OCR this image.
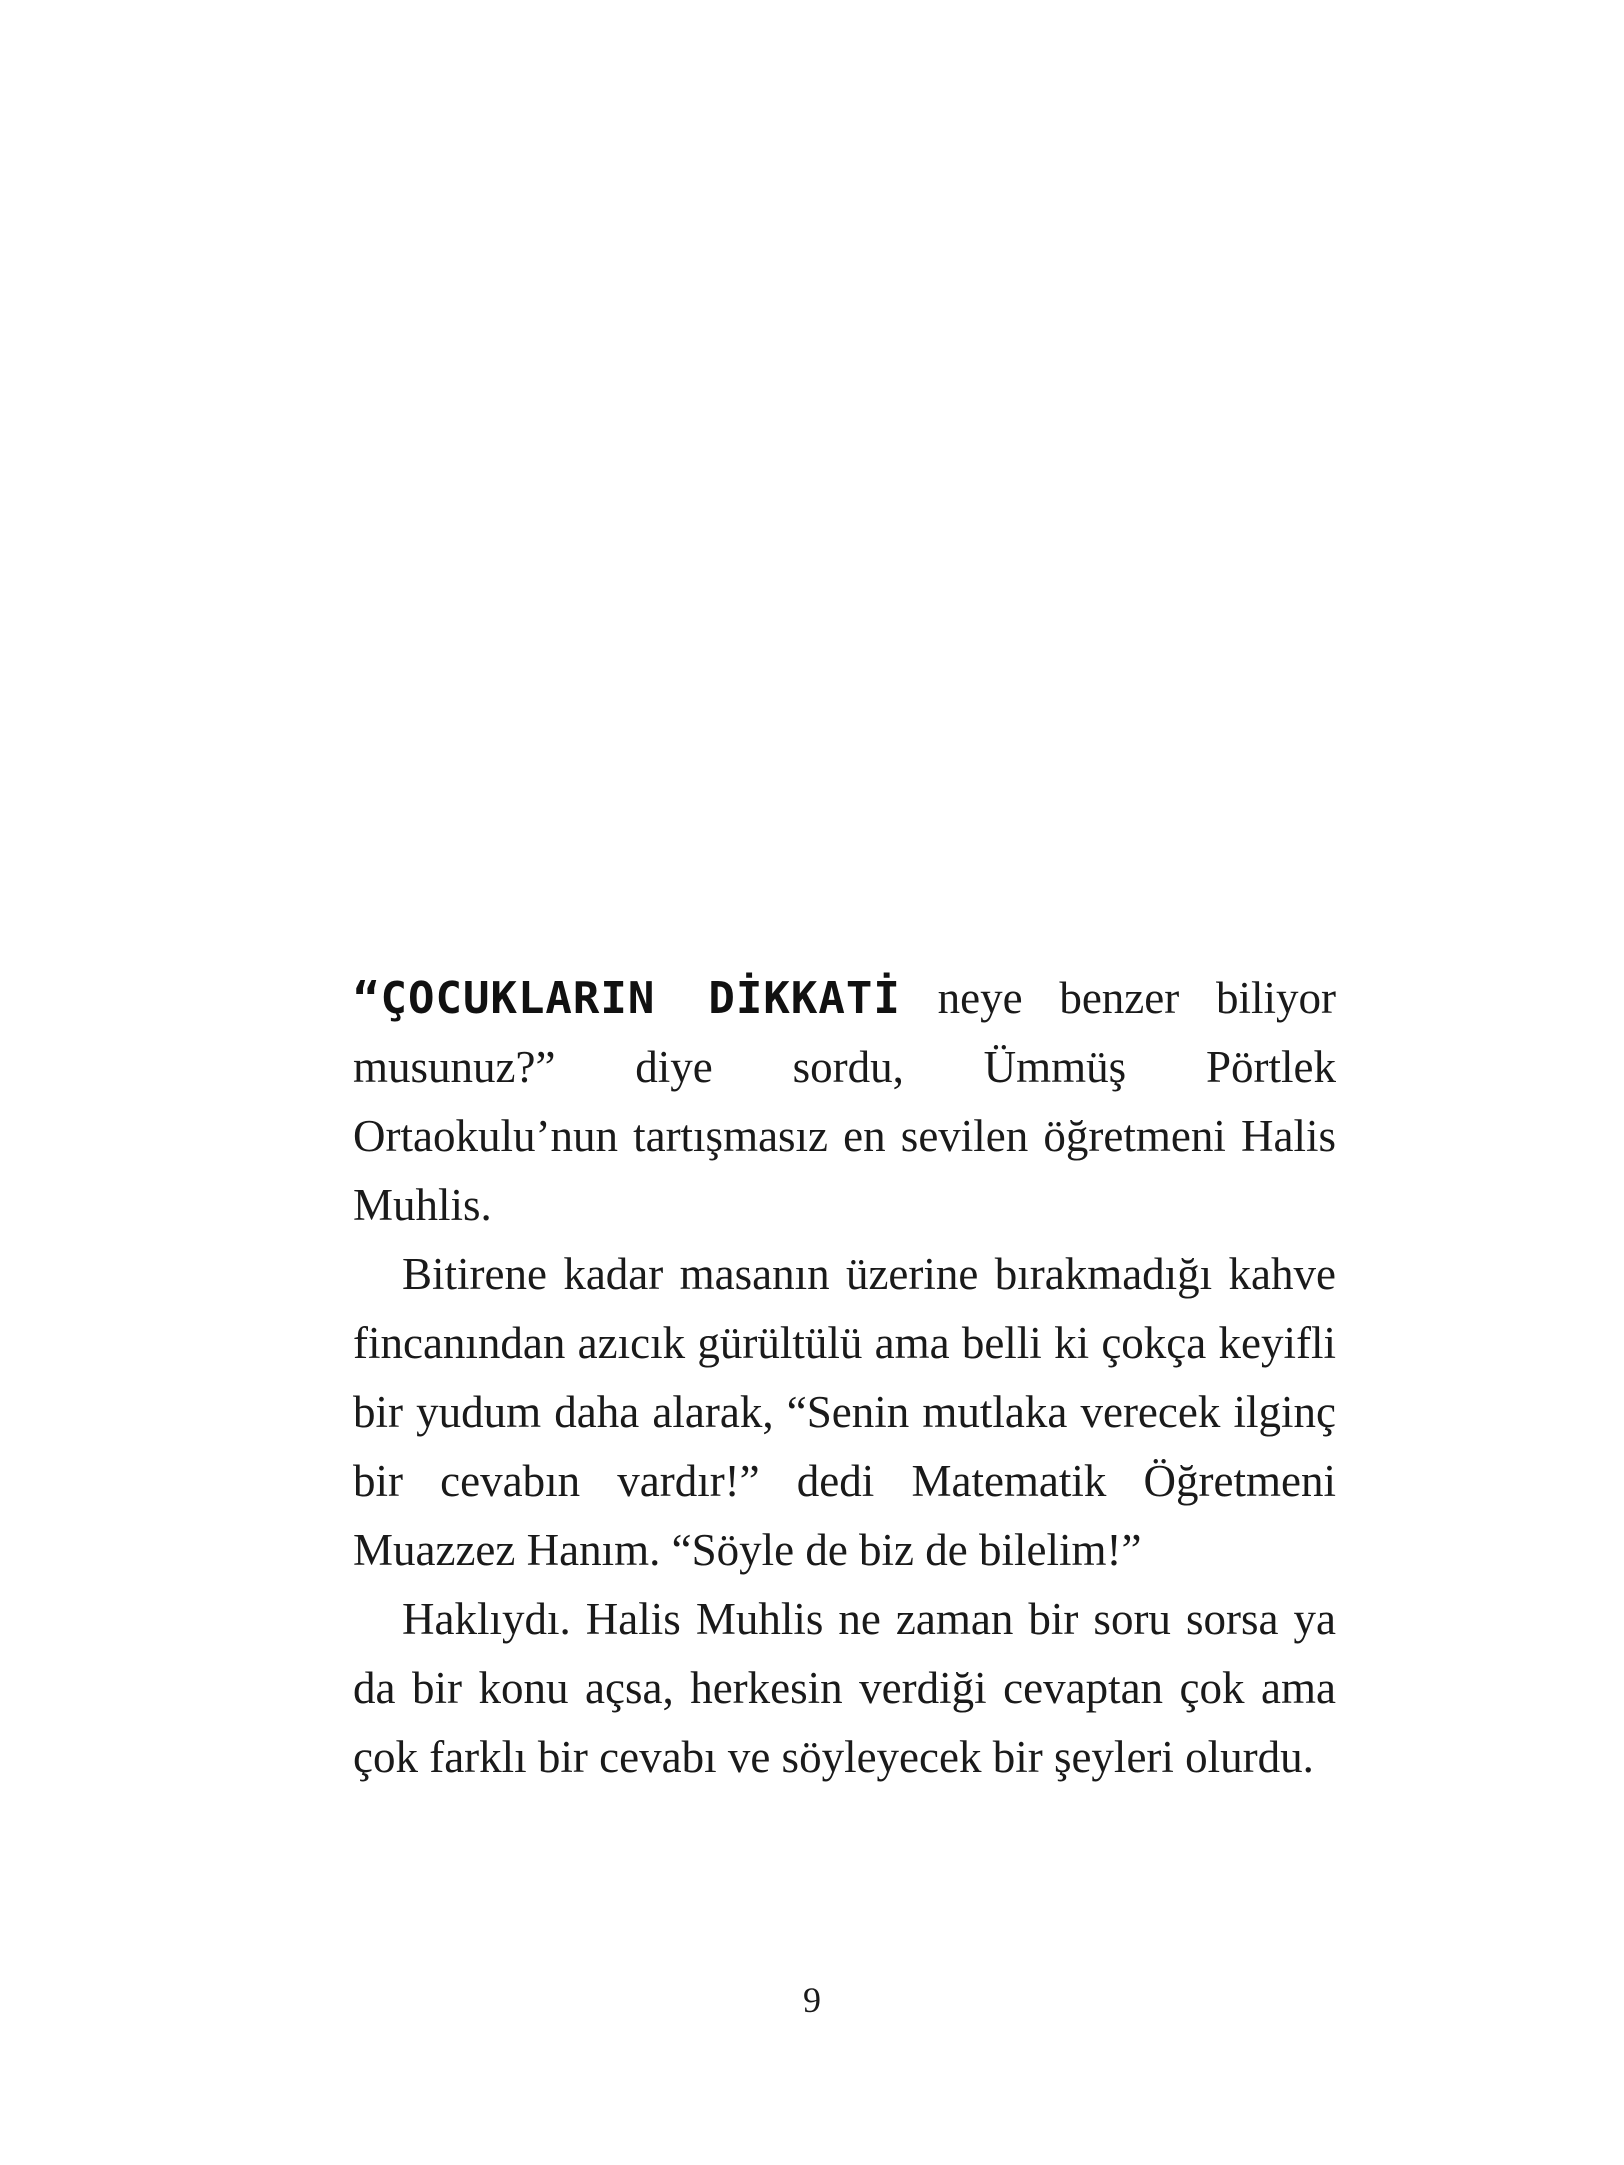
“ÇOCUKLARIN DİKKATİ neye benzer biliyor musunuz?” diye sordu, Ümmüş Pörtlek Ortaokulu’nun tartışmasız en sevilen öğretmeni Halis Muhlis.

Bitirene kadar masanın üzerine bırakmadığı kahve fincanından azıcık gürültülü ama belli ki çokça keyifli bir yudum daha alarak, “Senin mutlaka verecek ilginç bir cevabın vardır!” dedi Matematik Öğretmeni Muazzez Hanım. “Söyle de biz de bilelim!”

Haklıydı. Halis Muhlis ne zaman bir soru sorsa ya da bir konu açsa, herkesin verdiği cevaptan çok ama çok farklı bir cevabı ve söyleyecek bir şeyleri olurdu.

9
